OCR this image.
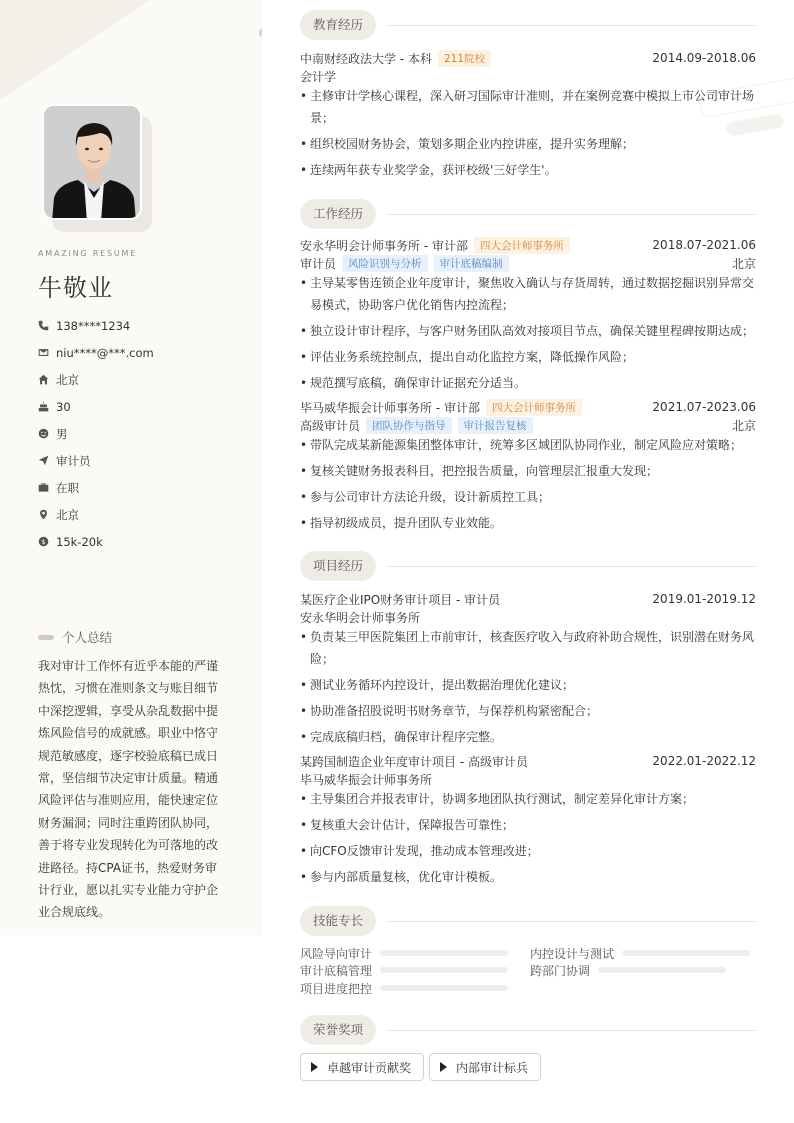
AMAZING RESUME
牛敬业
138****1234
niu****@***.com
北京
30
男
审计员
在职
北京
$ 15k-20k
个人总结
我对审计工作怀有近乎本能的严谨热忱，习惯在准则条文与账目细节中深挖逻辑，享受从杂乱数据中提炼风险信号的成就感。职业中恪守规范敏感度，逐字校验底稿已成日常，坚信细节决定审计质量。精通风险评估与准则应用，能快速定位财务漏洞；同时注重跨团队协同，善于将专业发现转化为可落地的改进路径。持CPA证书，热爱财务审计行业，愿以扎实专业能力守护企业合规底线。
教育经历
中南财经政法大学 - 本科	211院校	2014.09-2018.06
会计学
• 主修审计学核心课程，深入研习国际审计准则，并在案例竞赛中模拟上市公司审计场景；
• 组织校园财务协会，策划多期企业内控讲座，提升实务理解；
• 连续两年获专业奖学金，获评校级'三好学生'。
工作经历
安永华明会计师事务所 - 审计部	四大会计师事务所	2018.07-2021.06
审计员	风险识别与分析	审计底稿编制	北京
• 主导某零售连锁企业年度审计，聚焦收入确认与存货周转，通过数据挖掘识别异常交易模式，协助客户优化销售内控流程；
• 独立设计审计程序，与客户财务团队高效对接项目节点，确保关键里程碑按期达成；
• 评估业务系统控制点，提出自动化监控方案，降低操作风险；
• 规范撰写底稿，确保审计证据充分适当。
毕马威华振会计师事务所 - 审计部	四大会计师事务所	2021.07-2023.06
高级审计员	团队协作与指导	审计报告复核	北京
• 带队完成某新能源集团整体审计，统筹多区域团队协同作业，制定风险应对策略；
• 复核关键财务报表科目，把控报告质量，向管理层汇报重大发现；
• 参与公司审计方法论升级，设计新质控工具；
• 指导初级成员，提升团队专业效能。
项目经历
某医疗企业IPO财务审计项目 - 审计员	2019.01-2019.12
安永华明会计师事务所
• 负责某三甲医院集团上市前审计，核查医疗收入与政府补助合规性，识别潜在财务风险；
• 测试业务循环内控设计，提出数据治理优化建议；
• 协助准备招股说明书财务章节，与保荐机构紧密配合；
• 完成底稿归档，确保审计程序完整。
某跨国制造企业年度审计项目 - 高级审计员	2022.01-2022.12
毕马威华振会计师事务所
• 主导集团合并报表审计，协调多地团队执行测试，制定差异化审计方案；
• 复核重大会计估计，保障报告可靠性；
• 向CFO反馈审计发现，推动成本管理改进；
• 参与内部质量复核，优化审计模板。
技能专长
风险导向审计	内控设计与测试
审计底稿管理	跨部门协调
项目进度把控
荣誉奖项
卓越审计贡献奖	内部审计标兵
